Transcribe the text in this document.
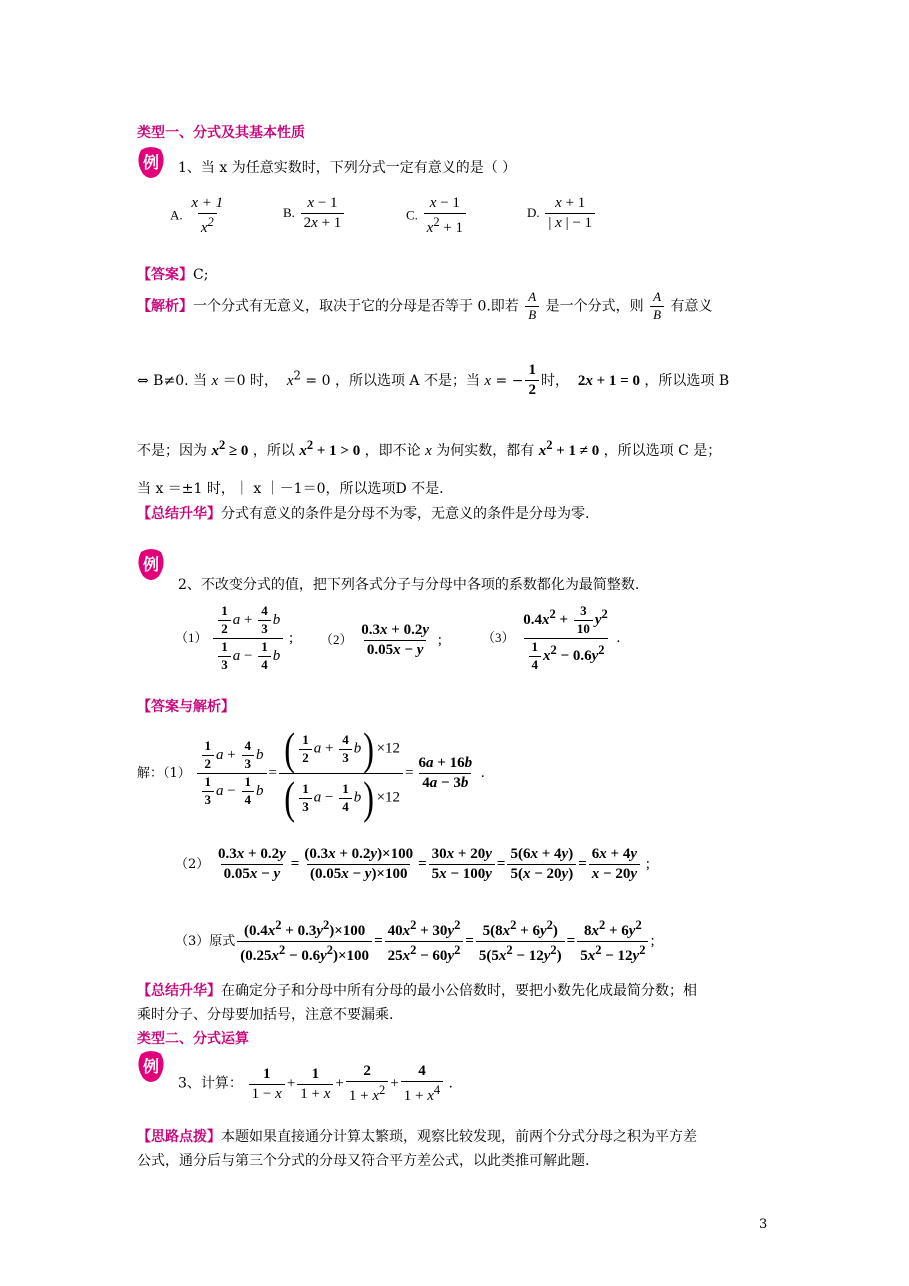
类型一、分式及其基本性质
例 1、当 x 为任意实数时，下列分式一定有意义的是（ ）
A. $\frac{x + 1}{x^2}$	B. $\frac{x - 1}{2x + 1}$	C. $\frac{x - 1}{x^2 + 1}$	D. $\frac{x + 1}{| x | - 1}$
【答案】C;
【解析】一个分式有无意义，取决于它的分母是否等于 0.即若 $\frac{A}{B}$ 是一个分式，则 $\frac{A}{B}$ 有意义
⇔ B≠0. 当 x ＝0 时，  $x^2 = 0$ ，所以选项 A 不是；当 x = − $\frac{1}{2}$ 时，  2x + 1 = 0 ，所以选项 B
不是；因为 $x^2 \ge 0$ ，所以 $x^2 + 1 > 0$ ，即不论 x 为何实数，都有 $x^2 + 1 \ne 0$ ，所以选项 C 是；
当 x ＝±1 时，｜ x ｜－1＝0，所以选项D 不是.
【总结升华】分式有意义的条件是分母不为零，无意义的条件是分母为零.
例
2、不改变分式的值，把下列各式分子与分母中各项的系数都化为最简整数.
$(1) \frac{\frac{1}{2} a + \frac{4}{3} b}{\frac{1}{3} a - \frac{1}{4} b}$ ; $(2) \frac{0.3x + 0.2y}{0.05x - y}$ ;	$(3) \frac{0.4x^2 + \frac{3}{10} y^2}{\frac{1}{4} x^2 - 0.6y^2}$ .
【答案与解析】
解：$(1) \frac{\frac{1}{2} a + \frac{4}{3} b}{\frac{1}{3} a - \frac{1}{4} b} = \frac{( \frac{1}{2} a + \frac{4}{3} b) \times 12}{( \frac{1}{3} a - \frac{1}{4} b) \times 12} = \frac{6a + 16b}{4a - 3b}$ .
$(2) \frac{0.3x + 0.2y}{0.05x - y} = \frac{(0.3x + 0.2y)\times 100}{(0.05x - y)\times 100} = \frac{30x + 20y}{5x - 100y} = \frac{5(6x + 4y)}{5(x - 20y)} = \frac{6x + 4y}{x - 20y}$ ;
（3）原式 $\frac{(0.4x^2 + 0.3y^2)\times 100}{(0.25x^2 - 0.6y^2)\times 100} = \frac{40x^2 + 30y^2}{25x^2 - 60y^2} = \frac{5(8x^2 + 6y^2)}{5(5x^2 - 12y^2)} = \frac{8x^2 + 6y^2}{5x^2 - 12y^2}$ ;
【总结升华】在确定分子和分母中所有分母的最小公倍数时，要把小数先化成最简分数；相
乘时分子、分母要加括号，注意不要漏乘.
类型二、分式运算
例
3、计算： $\frac{1}{1 - x} + \frac{1}{1 + x} + \frac{2}{1 + x^2} + \frac{4}{1 + x^4}$ .
【思路点拨】本题如果直接通分计算太繁琐，观察比较发现，前两个分式分母之积为平方差
公式，通分后与第三个分式的分母又符合平方差公式，以此类推可解此题.
3
